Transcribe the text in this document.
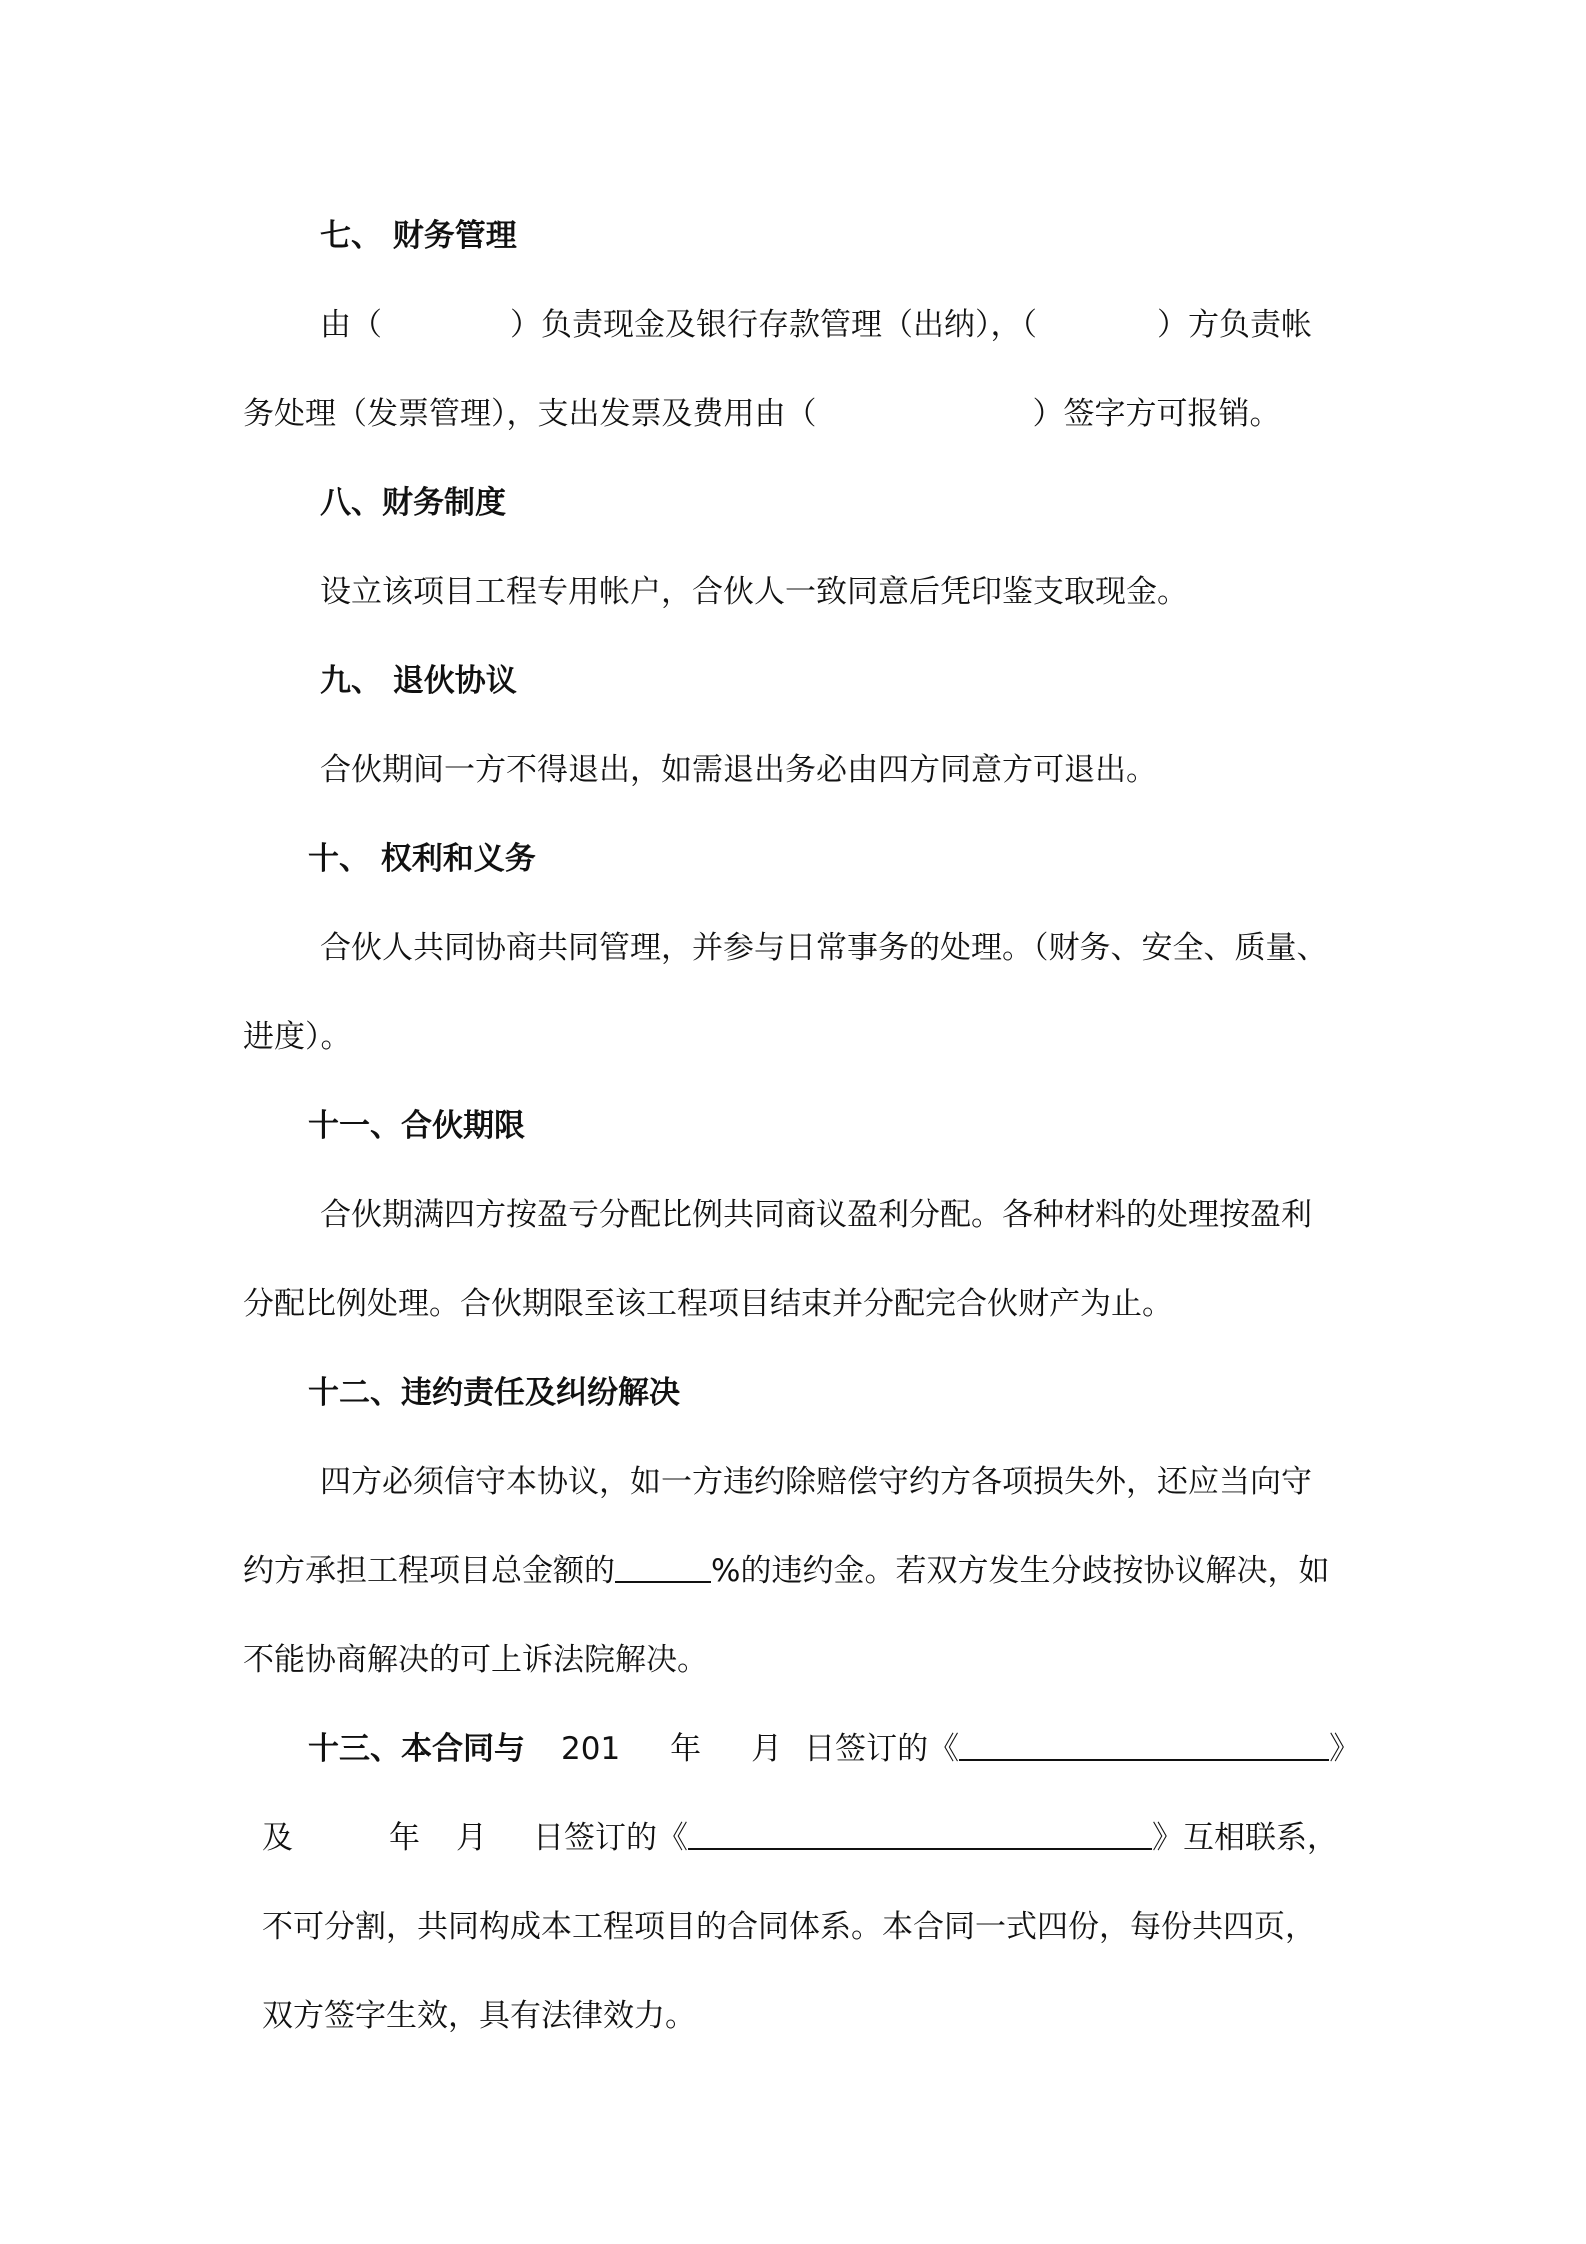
七、 财务管理
由（	）负责现金及银行存款管理（出纳），（	）方负责帐
务处理（发票管理），支出发票及费用由（	）签字方可报销。
八、财务制度
设立该项目工程专用帐户，合伙人一致同意后凭印鉴支取现金。
九、 退伙协议
合伙期间一方不得退出，如需退出务必由四方同意方可退出。
十、 权利和义务
合伙人共同协商共同管理，并参与日常事务的处理。（财务、安全、质量、
进度）。
十一、合伙期限
合伙期满四方按盈亏分配比例共同商议盈利分配。各种材料的处理按盈利
分配比例处理。合伙期限至该工程项目结束并分配完合伙财产为止。
十二、违约责任及纠纷解决
四方必须信守本协议，如一方违约除赔偿守约方各项损失外，还应当向守
约方承担工程项目总金额的	%的违约金。若双方发生分歧按协议解决，如
不能协商解决的可上诉法院解决。
十三、本合同与 201 年 月 日签订的《	》
及	年 月 日签订的《	》互相联系，
不可分割，共同构成本工程项目的合同体系。本合同一式四份，每份共四页，
双方签字生效，具有法律效力。
